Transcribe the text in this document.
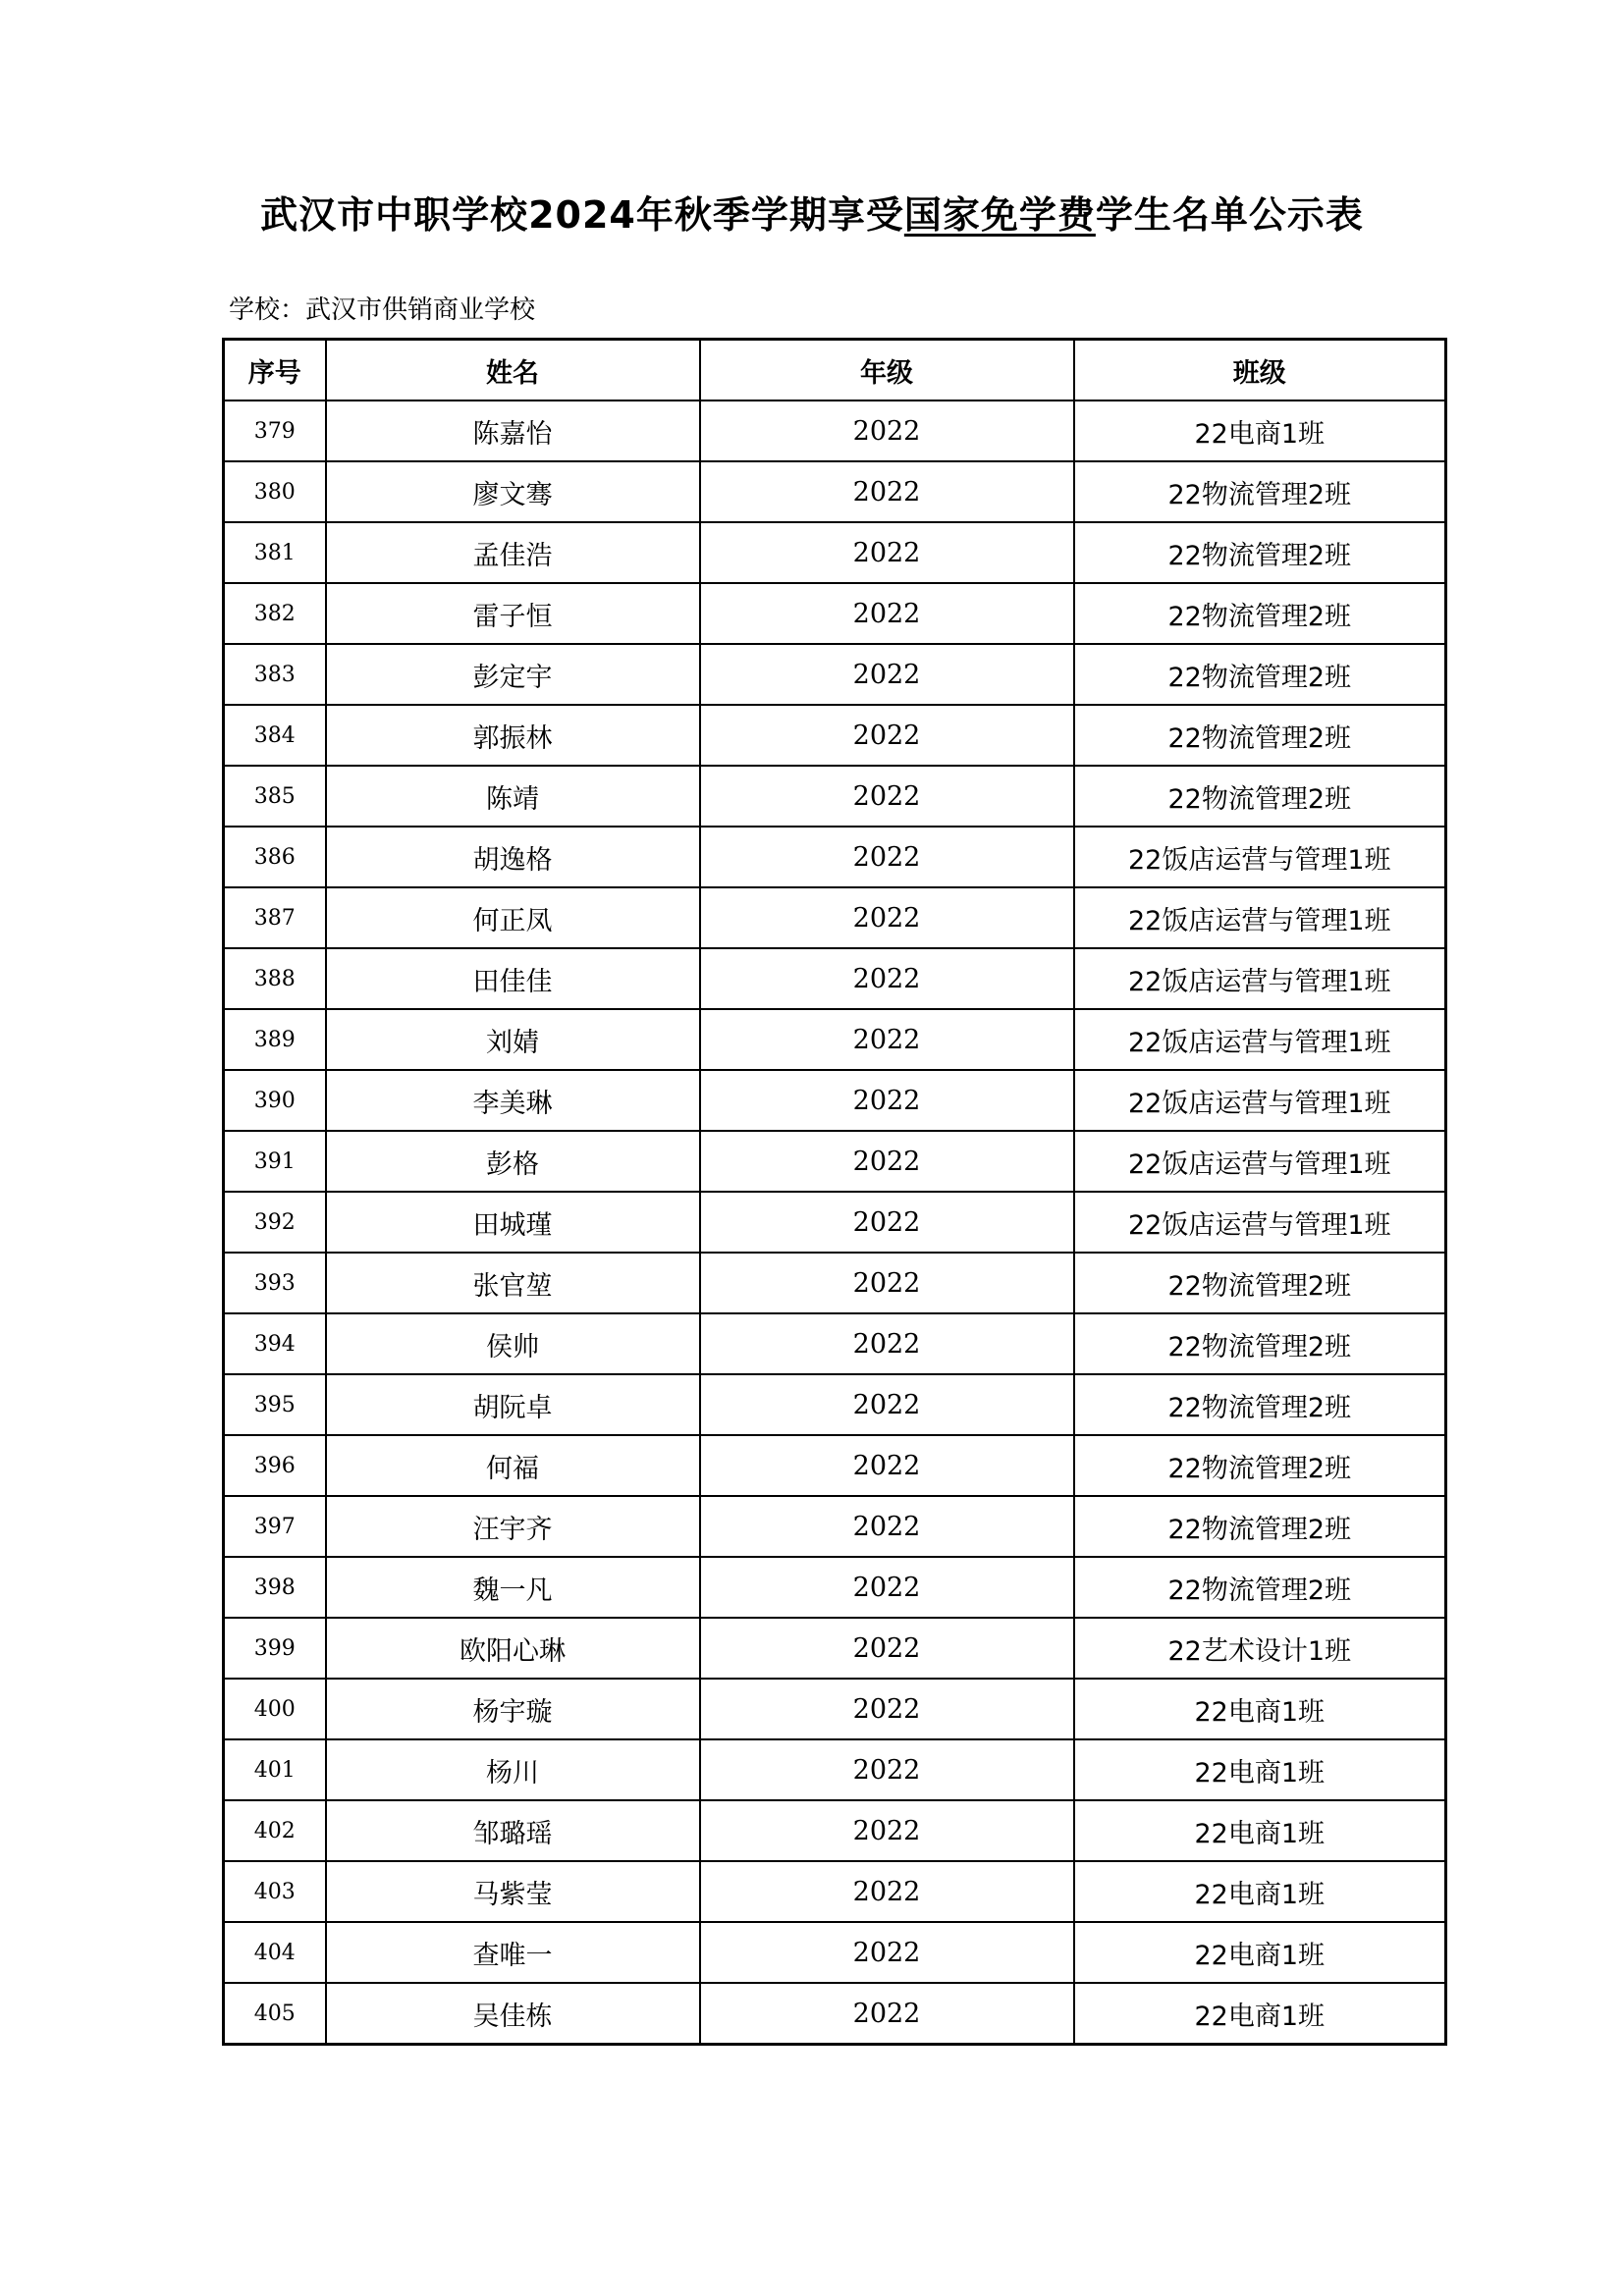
武汉市中职学校2024年秋季学期享受国家免学费学生名单公示表
学校：武汉市供销商业学校
序号	姓名	年级	班级
379	陈嘉怡	2022	22电商1班
380	廖文骞	2022	22物流管理2班
381	孟佳浩	2022	22物流管理2班
382	雷子恒	2022	22物流管理2班
383	彭定宇	2022	22物流管理2班
384	郭振林	2022	22物流管理2班
385	陈靖	2022	22物流管理2班
386	胡逸格	2022	22饭店运营与管理1班
387	何正凤	2022	22饭店运营与管理1班
388	田佳佳	2022	22饭店运营与管理1班
389	刘婧	2022	22饭店运营与管理1班
390	李美琳	2022	22饭店运营与管理1班
391	彭格	2022	22饭店运营与管理1班
392	田城瑾	2022	22饭店运营与管理1班
393	张官堃	2022	22物流管理2班
394	侯帅	2022	22物流管理2班
395	胡阮卓	2022	22物流管理2班
396	何福	2022	22物流管理2班
397	汪宇齐	2022	22物流管理2班
398	魏一凡	2022	22物流管理2班
399	欧阳心琳	2022	22艺术设计1班
400	杨宇璇	2022	22电商1班
401	杨川	2022	22电商1班
402	邹璐瑶	2022	22电商1班
403	马紫莹	2022	22电商1班
404	查唯一	2022	22电商1班
405	吴佳栋	2022	22电商1班
